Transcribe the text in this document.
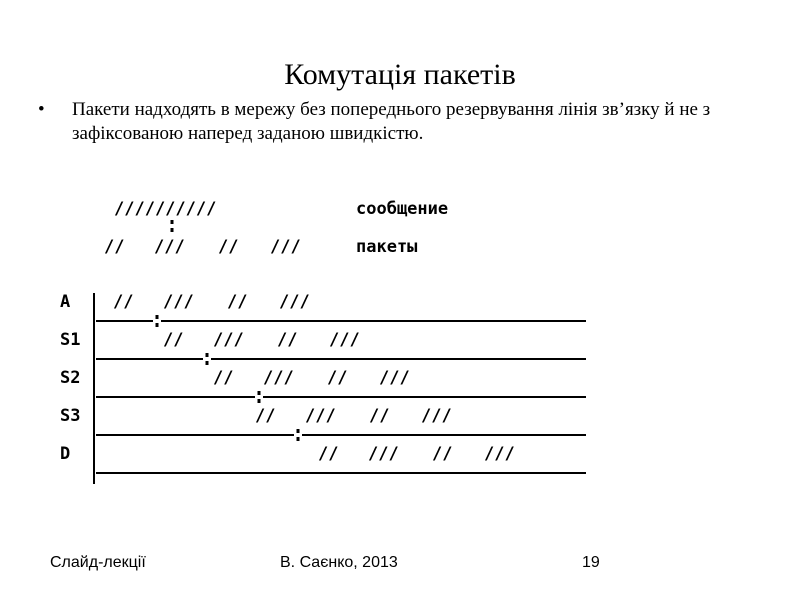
Комутація пакетів
•	Пакети надходять в мережу без попереднього резервування лінія зв’язку й не з зафіксованою наперед заданою швидкістю.
//////////	сообщение
// /// // ///	пакеты
A	// /// // ///
S1	// /// // ///
S2	// /// // ///
S3	// /// // ///
D	// /// // ///
Слайд-лекції	В. Саєнко, 2013	19
